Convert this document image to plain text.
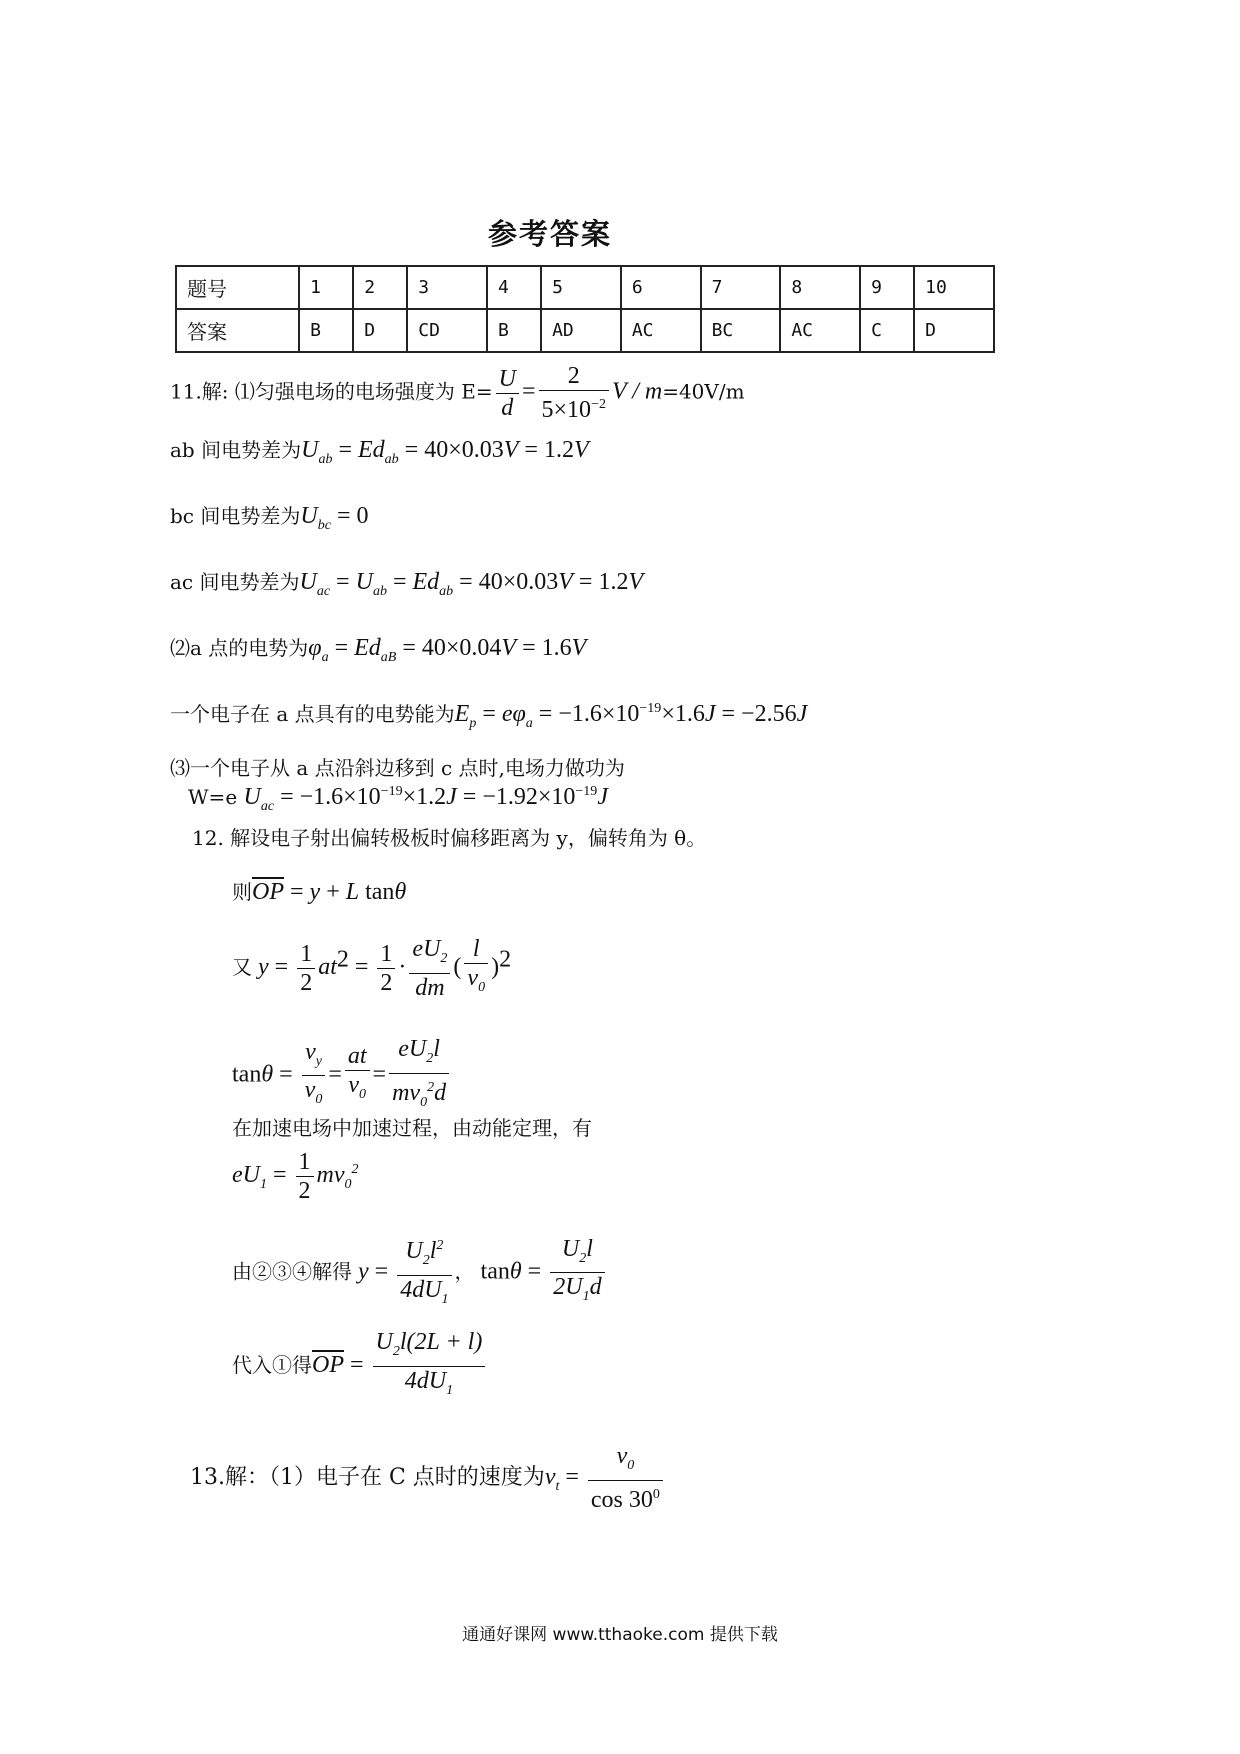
参考答案
题号	1	2	3	4	5	6	7	8	9	10
答案	B	D	CD	B	AD	AC	BC	AC	C	D
11.解: ⑴匀强电场的电场强度为 $E= \frac{U}{d} = \frac{2}{5\times 10^{-2}}$ V / m=40V/m
ab 间电势差为$U_{ab} = Ed_{ab} = 40\times 0.03V = 1.2V$
bc 间电势差为$U_{bc} = 0$
ac 间电势差为$U_{ac} = U_{ab} = Ed_{ab} = 40\times 0.03V = 1.2V$
⑵a 点的电势为$\varphi_a = Ed_{aB} = 40\times 0.04V = 1.6V$
一个电子在 a 点具有的电势能为$E_p = e\varphi_a = -1.6\times 10^{-19}\times 1.6J = -2.56J$
⑶一个电子从 a 点沿斜边移到 c 点时,电场力做功为
W=e $U_{ac} = -1.6\times 10^{-19}\times 1.2J = -1.92\times 10^{-19}J$
12. 解设电子射出偏转极板时偏移距离为 y，偏转角为 θ。
则$\overline{OP} = y + L$ tanθ
又 $y = \frac{1}{2} at^2 = \frac{1}{2} \cdot \frac{eU_2}{dm}$ ( $\frac{l}{v_0} )^2$
$\tan\theta = \frac{v_y}{v_0} = \frac{at}{v_0} = \frac{eU_2l}{mv_0^2d}$
在加速电场中加速过程，由动能定理，有
$eU_1 = \frac{1}{2} mv_0^2$
由②③④解得 $y = \frac{U_2l^2}{4dU_1}$ ， $\tan\theta = \frac{U_2l}{2U_1d}$
代入①得$\overline{OP} = \frac{U_2l(2L + l)}{4dU_1}$
13.解：（1）电子在 C 点时的速度为$v_t = \frac{v_0}{\cos 30^0}$
通通好课网 www.tthaoke.com 提供下载
